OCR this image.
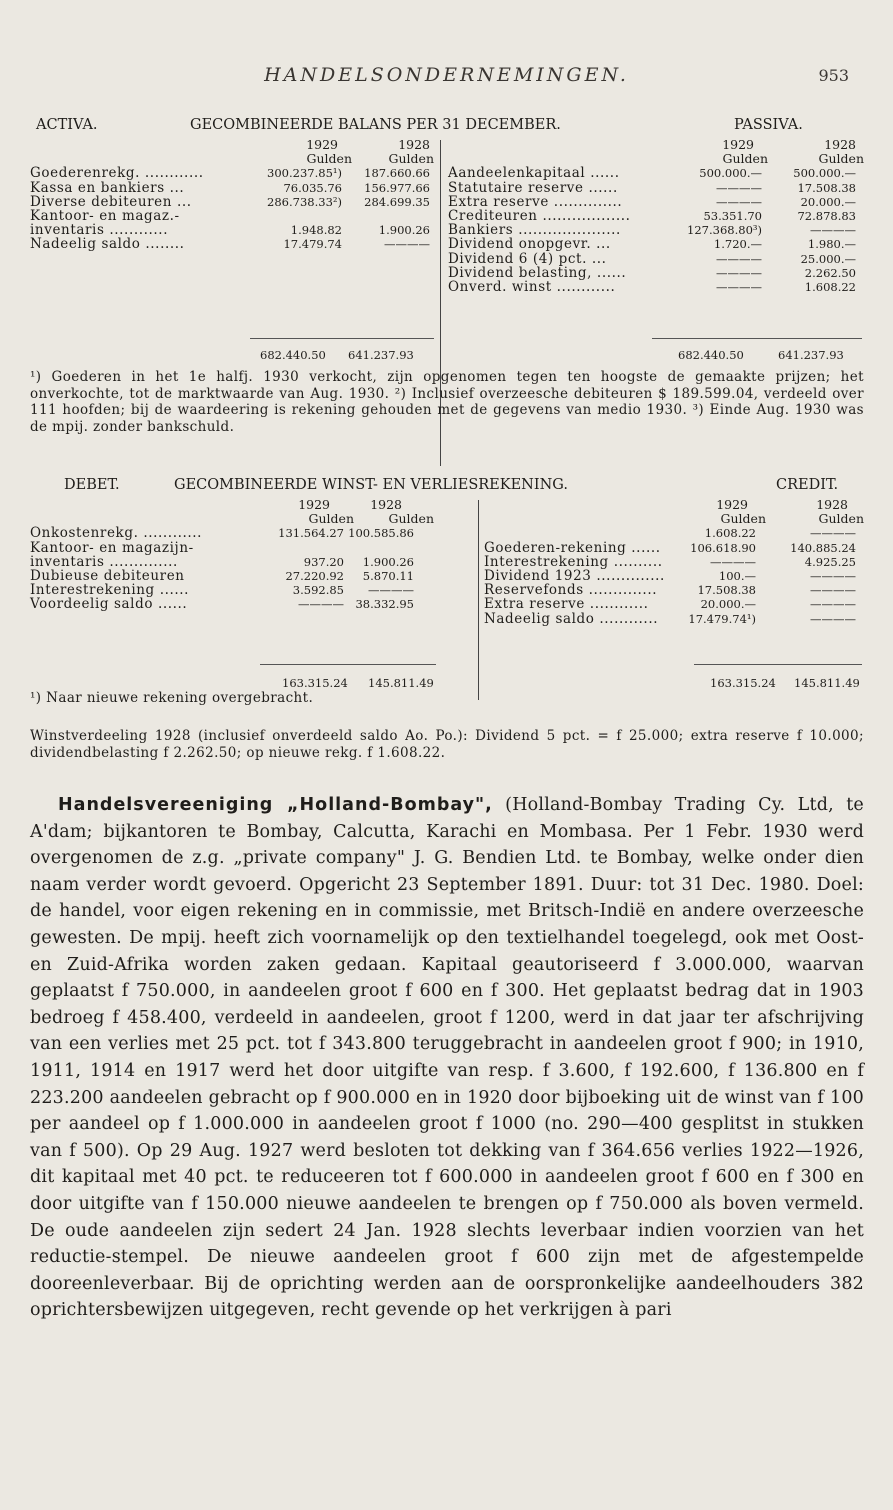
HANDELSONDERNEMINGEN.	953
ACTIVA.	GECOMBINEERDE BALANS PER 31 DECEMBER.	PASSIVA.
1929	1928
Gulden	Gulden
Goederenrekg. ............	300.237.85¹) 187.660.66
Kassa en bankiers ...	76.035.76 156.977.66
Diverse debiteuren ...	286.738.33²) 284.699.35
Kantoor- en magaz.-
inventaris ............	1.948.82	1.900.26
Nadeelig saldo ........	17.479.74	————
1929	1928
Gulden	Gulden
Aandeelenkapitaal ......	500.000.—	500.000.—
Statutaire reserve ......	————	17.508.38
Extra reserve ..............	————	20.000.—
Crediteuren ..................	53.351.70	72.878.83
Bankiers .....................	127.368.80³)	————
Dividend onopgevr. ...	1.720.—	1.980.—
Dividend 6 (4) pct. ...	————	25.000.—
Dividend belasting, ......	————	2.262.50
Onverd. winst ............	————	1.608.22
682.440.50 641.237.93	682.440.50	641.237.93

¹) Goederen in het 1e halfj. 1930 verkocht, zijn opgenomen tegen ten hoogste de gemaakte prijzen; het onverkochte, tot de marktwaarde van Aug. 1930. ²) Inclusief overzeesche debiteuren $ 189.599.04, verdeeld over 111 hoofden; bij de waardeering is rekening gehouden met de gegevens van medio 1930. ³) Einde Aug. 1930 was de mpij. zonder bankschuld.

DEBET.	GECOMBINEERDE WINST- EN VERLIESREKENING.	CREDIT.
1929	1928
Gulden	Gulden
Onkostenrekg. ............	131.564.27 100.585.86
Kantoor- en magazijn-
inventaris ..............	937.20 1.900.26
Dubieuse debiteuren	27.220.92 5.870.11
Interestrekening ......	3.592.85 ————
Voordeelig saldo ......	———— 38.332.95
1929	1928
Gulden	Gulden
1.608.22	————
Goederen-rekening ......	106.618.90	140.885.24
Interestrekening ..........	————	4.925.25
Dividend 1923 ..............	100.—	————
Reservefonds ..............	17.508.38	————
Extra reserve ............	20.000.—	————
Nadeelig saldo ............	17.479.74¹)	————
163.315.24 145.811.49	163.315.24 145.811.49

¹) Naar nieuwe rekening overgebracht.

Winstverdeeling 1928 (inclusief onverdeeld saldo Ao. Po.): Dividend 5 pct. = f 25.000; extra reserve f 10.000; dividendbelasting f 2.262.50; op nieuwe rekg. f 1.608.22.

Handelsvereeniging „Holland-Bombay", (Holland-Bombay Trading Cy. Ltd, te A'dam; bijkantoren te Bombay, Calcutta, Karachi en Mombasa. Per 1 Febr. 1930 werd overgenomen de z.g. „private company" J. G. Bendien Ltd. te Bombay, welke onder dien naam verder wordt gevoerd. Opgericht 23 September 1891. Duur: tot 31 Dec. 1980. Doel: de handel, voor eigen rekening en in commissie, met Britsch-Indië en andere overzeesche gewesten. De mpij. heeft zich voornamelijk op den textielhandel toegelegd, ook met Oost- en Zuid-Afrika worden zaken gedaan. Kapitaal geautoriseerd f 3.000.000, waarvan geplaatst f 750.000, in aandeelen groot f 600 en f 300. Het geplaatst bedrag dat in 1903 bedroeg f 458.400, verdeeld in aandeelen, groot f 1200, werd in dat jaar ter afschrijving van een verlies met 25 pct. tot f 343.800 teruggebracht in aandeelen groot f 900; in 1910, 1911, 1914 en 1917 werd het door uitgifte van resp. f 3.600, f 192.600, f 136.800 en f 223.200 aandeelen gebracht op f 900.000 en in 1920 door bijboeking uit de winst van f 100 per aandeel op f 1.000.000 in aandeelen groot f 1000 (no. 290—400 gesplitst in stukken van f 500). Op 29 Aug. 1927 werd besloten tot dekking van f 364.656 verlies 1922—1926, dit kapitaal met 40 pct. te reduceeren tot f 600.000 in aandeelen groot f 600 en f 300 en door uitgifte van f 150.000 nieuwe aandeelen te brengen op f 750.000 als boven vermeld. De oude aandeelen zijn sedert 24 Jan. 1928 slechts leverbaar indien voorzien van het reductie-stempel. De nieuwe aandeelen groot f 600 zijn met de afgestempelde dooreenleverbaar. Bij de oprichting werden aan de oorspronkelijke aandeelhouders 382 oprichtersbewijzen uitgegeven, recht gevende op het verkrijgen à pari
